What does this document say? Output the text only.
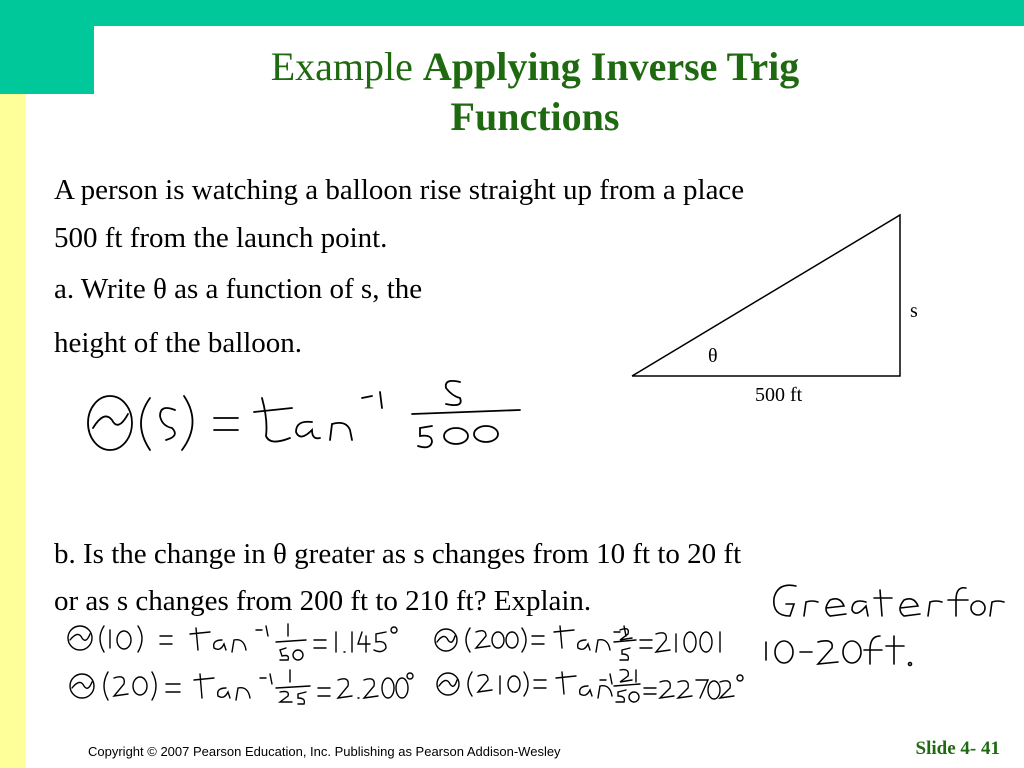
Example Applying Inverse Trig
Functions
A person is watching a balloon rise straight up from a place
500 ft from the launch point.
a. Write θ as a function of s, the
height of the balloon.
b. Is the change in θ greater as s changes from 10 ft to 20 ft
or as s changes from 200 ft to 210 ft? Explain.
s
θ
500 ft
Copyright © 2007 Pearson Education, Inc. Publishing as Pearson Addison-Wesley	Slide 4- 41
